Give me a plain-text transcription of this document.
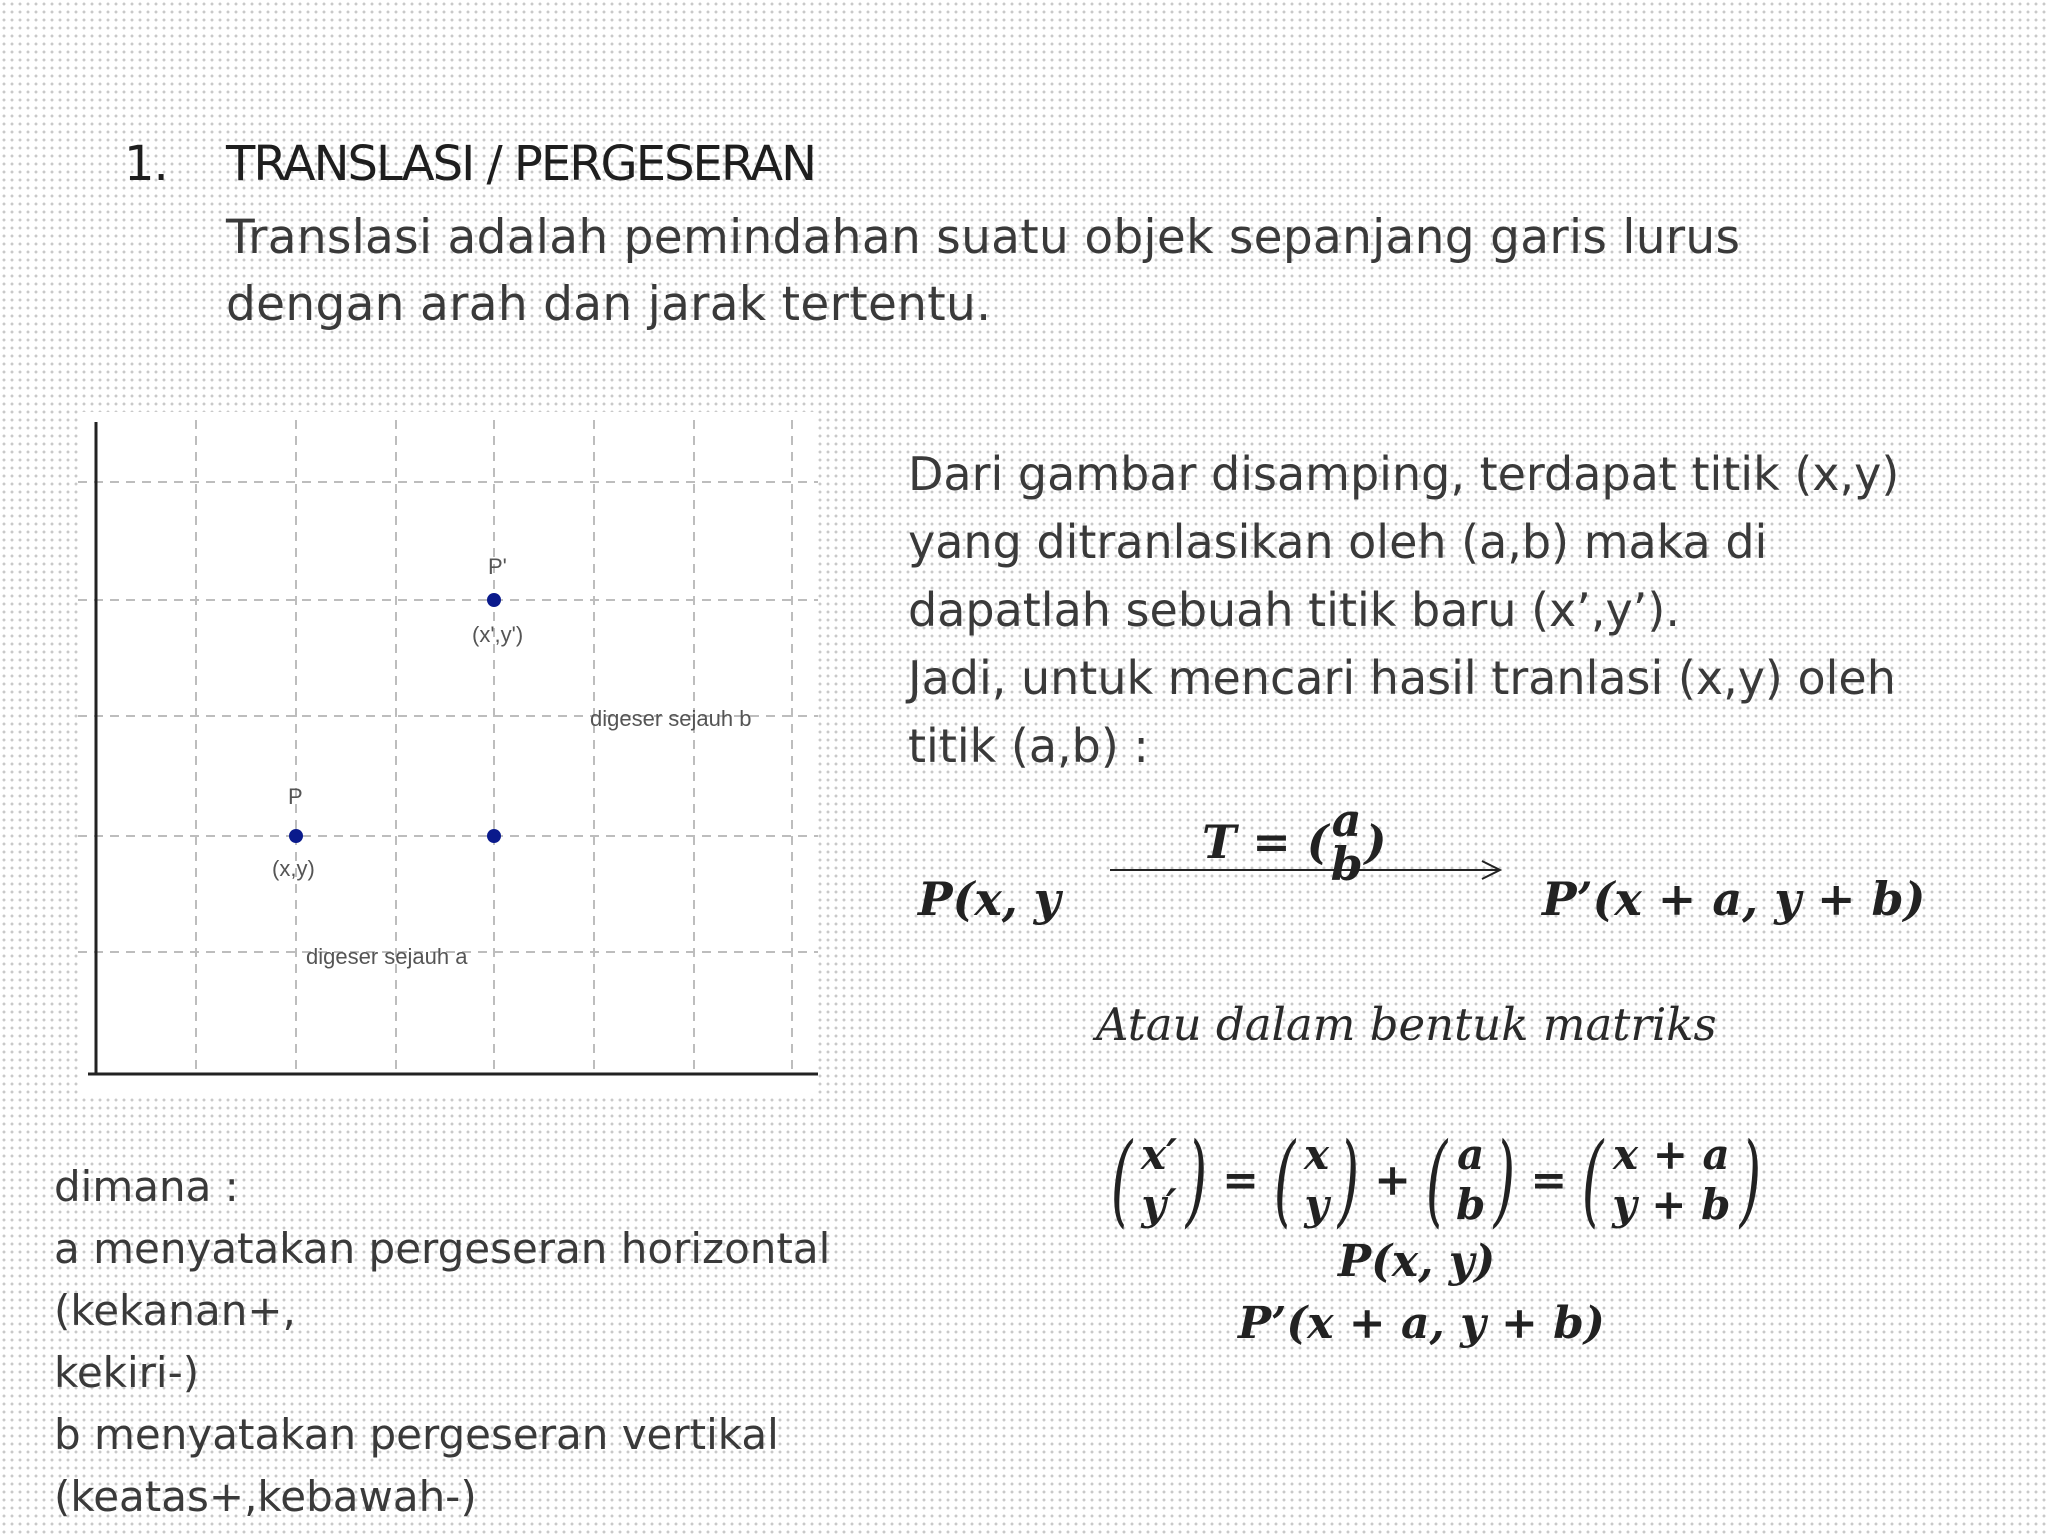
1. TRANSLASI / PERGESERAN
Translasi adalah pemindahan suatu objek sepanjang garis lurus dengan arah dan jarak tertentu.
P
(x,y)
P'
(x',y')
digeser sejauh b
digeser sejauh a
Dari gambar disamping, terdapat titik (x,y)
yang ditranlasikan oleh (a,b) maka di
dapatlah sebuah titik baru (x’,y’).
Jadi, untuk mencari hasil tranlasi (x,y) oleh
titik (a,b) :
T = ( a
b )
P(x, y	P’(x + a, y + b)
Atau dalam bentuk matriks
( x′
y′ ) = ( x
y ) + ( a
b ) = ( x + a
y + b )
P(x, y)
P’(x + a, y + b)
dimana :
a menyatakan pergeseran horizontal (kekanan+,
kekiri-)
b menyatakan pergeseran vertikal
(keatas+,kebawah-)
